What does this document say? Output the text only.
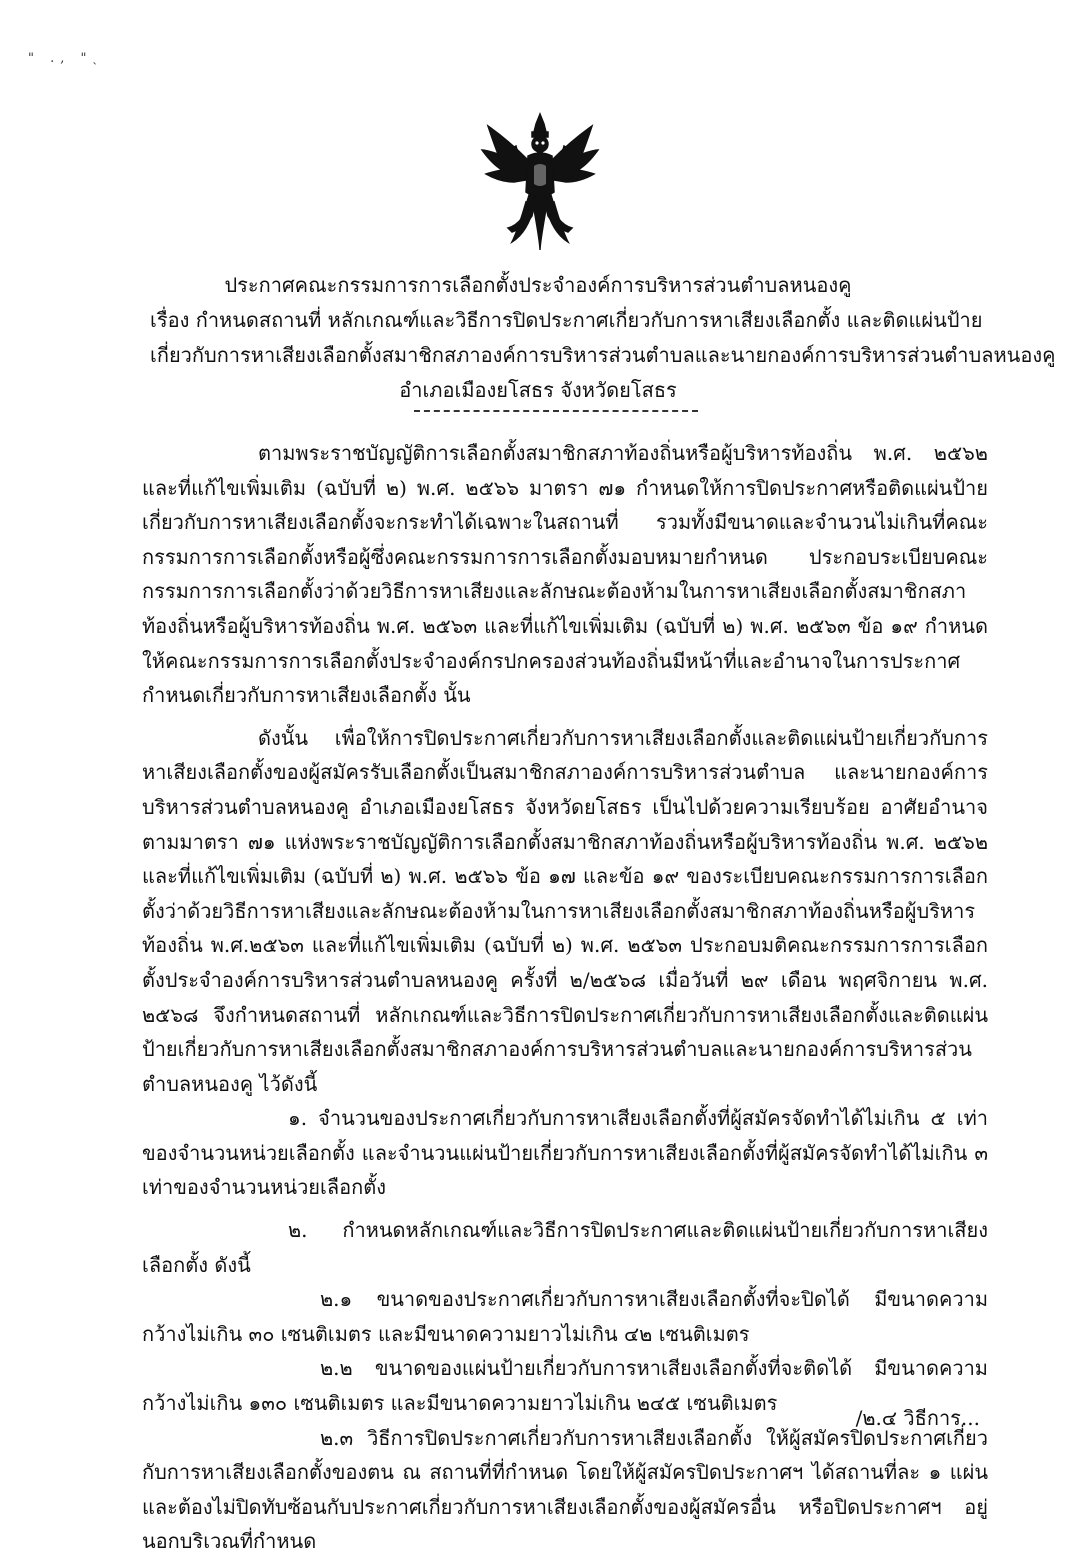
" ., "ˎ
ประกาศคณะกรรมการการเลือกตั้งประจำองค์การบริหารส่วนตำบลหนองคู
เรื่อง กำหนดสถานที่ หลักเกณฑ์และวิธีการปิดประกาศเกี่ยวกับการหาเสียงเลือกตั้ง และติดแผ่นป้าย
เกี่ยวกับการหาเสียงเลือกตั้งสมาชิกสภาองค์การบริหารส่วนตำบลและนายกองค์การบริหารส่วนตำบลหนองคู
อำเภอเมืองยโสธร จังหวัดยโสธร

ตามพระราชบัญญัติการเลือกตั้งสมาชิกสภาท้องถิ่นหรือผู้บริหารท้องถิ่น พ.ศ. ๒๕๖๒ และที่แก้ไขเพิ่มเติม (ฉบับที่ ๒) พ.ศ. ๒๕๖๖ มาตรา ๗๑ กำหนดให้การปิดประกาศหรือติดแผ่นป้ายเกี่ยวกับการหาเสียงเลือกตั้งจะกระทำได้เฉพาะในสถานที่ รวมทั้งมีขนาดและจำนวนไม่เกินที่คณะกรรมการการเลือกตั้งหรือผู้ซึ่งคณะกรรมการการเลือกตั้งมอบหมายกำหนด ประกอบระเบียบคณะกรรมการการเลือกตั้งว่าด้วยวิธีการหาเสียงและลักษณะต้องห้ามในการหาเสียงเลือกตั้งสมาชิกสภาท้องถิ่นหรือผู้บริหารท้องถิ่น พ.ศ. ๒๕๖๓ และที่แก้ไขเพิ่มเติม (ฉบับที่ ๒) พ.ศ. ๒๕๖๓ ข้อ ๑๙ กำหนดให้คณะกรรมการการเลือกตั้งประจำองค์กรปกครองส่วนท้องถิ่นมีหน้าที่และอำนาจในการประกาศกำหนดเกี่ยวกับการหาเสียงเลือกตั้ง นั้น

ดังนั้น เพื่อให้การปิดประกาศเกี่ยวกับการหาเสียงเลือกตั้งและติดแผ่นป้ายเกี่ยวกับการหาเสียงเลือกตั้งของผู้สมัครรับเลือกตั้งเป็นสมาชิกสภาองค์การบริหารส่วนตำบล และนายกองค์การบริหารส่วนตำบลหนองคู อำเภอเมืองยโสธร จังหวัดยโสธร เป็นไปด้วยความเรียบร้อย อาศัยอำนาจตามมาตรา ๗๑ แห่งพระราชบัญญัติการเลือกตั้งสมาชิกสภาท้องถิ่นหรือผู้บริหารท้องถิ่น พ.ศ. ๒๕๖๒ และที่แก้ไขเพิ่มเติม (ฉบับที่ ๒) พ.ศ. ๒๕๖๖ ข้อ ๑๗ และข้อ ๑๙ ของระเบียบคณะกรรมการการเลือกตั้งว่าด้วยวิธีการหาเสียงและลักษณะต้องห้ามในการหาเสียงเลือกตั้งสมาชิกสภาท้องถิ่นหรือผู้บริหารท้องถิ่น พ.ศ.๒๕๖๓ และที่แก้ไขเพิ่มเติม (ฉบับที่ ๒) พ.ศ. ๒๕๖๓ ประกอบมติคณะกรรมการการเลือกตั้งประจำองค์การบริหารส่วนตำบลหนองคู ครั้งที่ ๒/๒๕๖๘ เมื่อวันที่ ๒๙ เดือน พฤศจิกายน พ.ศ. ๒๕๖๘ จึงกำหนดสถานที่ หลักเกณฑ์และวิธีการปิดประกาศเกี่ยวกับการหาเสียงเลือกตั้งและติดแผ่นป้ายเกี่ยวกับการหาเสียงเลือกตั้งสมาชิกสภาองค์การบริหารส่วนตำบลและนายกองค์การบริหารส่วนตำบลหนองคู ไว้ดังนี้

๑. จำนวนของประกาศเกี่ยวกับการหาเสียงเลือกตั้งที่ผู้สมัครจัดทำได้ไม่เกิน ๕ เท่าของจำนวนหน่วยเลือกตั้ง และจำนวนแผ่นป้ายเกี่ยวกับการหาเสียงเลือกตั้งที่ผู้สมัครจัดทำได้ไม่เกิน ๓ เท่าของจำนวนหน่วยเลือกตั้ง

๒. กำหนดหลักเกณฑ์และวิธีการปิดประกาศและติดแผ่นป้ายเกี่ยวกับการหาเสียงเลือกตั้ง ดังนี้

๒.๑ ขนาดของประกาศเกี่ยวกับการหาเสียงเลือกตั้งที่จะปิดได้ มีขนาดความกว้างไม่เกิน ๓๐ เซนติเมตร และมีขนาดความยาวไม่เกิน ๔๒ เซนติเมตร

๒.๒ ขนาดของแผ่นป้ายเกี่ยวกับการหาเสียงเลือกตั้งที่จะติดได้ มีขนาดความกว้างไม่เกิน ๑๓๐ เซนติเมตร และมีขนาดความยาวไม่เกิน ๒๔๕ เซนติเมตร

๒.๓ วิธีการปิดประกาศเกี่ยวกับการหาเสียงเลือกตั้ง ให้ผู้สมัครปิดประกาศเกี่ยวกับการหาเสียงเลือกตั้งของตน ณ สถานที่ที่กำหนด โดยให้ผู้สมัครปิดประกาศฯ ได้สถานที่ละ ๑ แผ่น และต้องไม่ปิดทับซ้อนกับประกาศเกี่ยวกับการหาเสียงเลือกตั้งของผู้สมัครอื่น หรือปิดประกาศฯ อยู่นอกบริเวณที่กำหนด

/๒.๔ วิธีการ...
